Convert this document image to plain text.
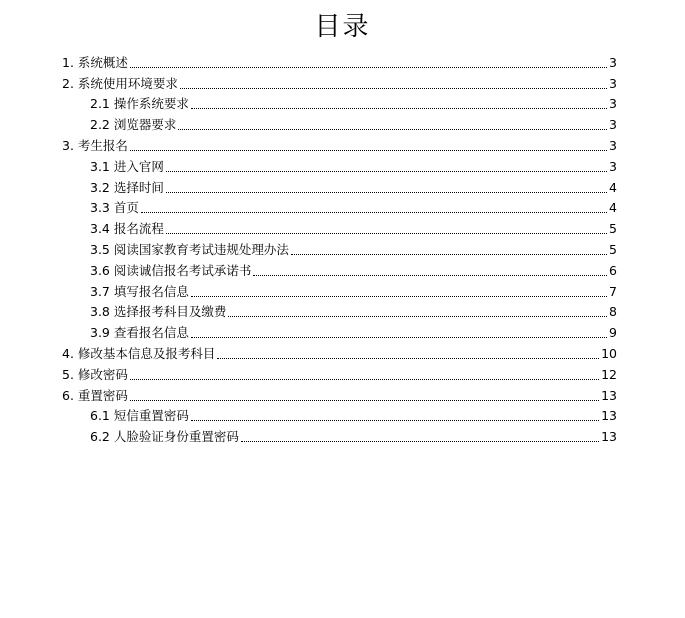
目录
1. 系统概述	3
2. 系统使用环境要求	3
2.1 操作系统要求	3
2.2 浏览器要求	3
3. 考生报名	3
3.1 进入官网	3
3.2 选择时间	4
3.3 首页	4
3.4 报名流程	5
3.5 阅读国家教育考试违规处理办法	5
3.6 阅读诚信报名考试承诺书	6
3.7 填写报名信息	7
3.8 选择报考科目及缴费	8
3.9 查看报名信息	9
4. 修改基本信息及报考科目	10
5. 修改密码	12
6. 重置密码	13
6.1 短信重置密码	13
6.2 人脸验证身份重置密码	13
